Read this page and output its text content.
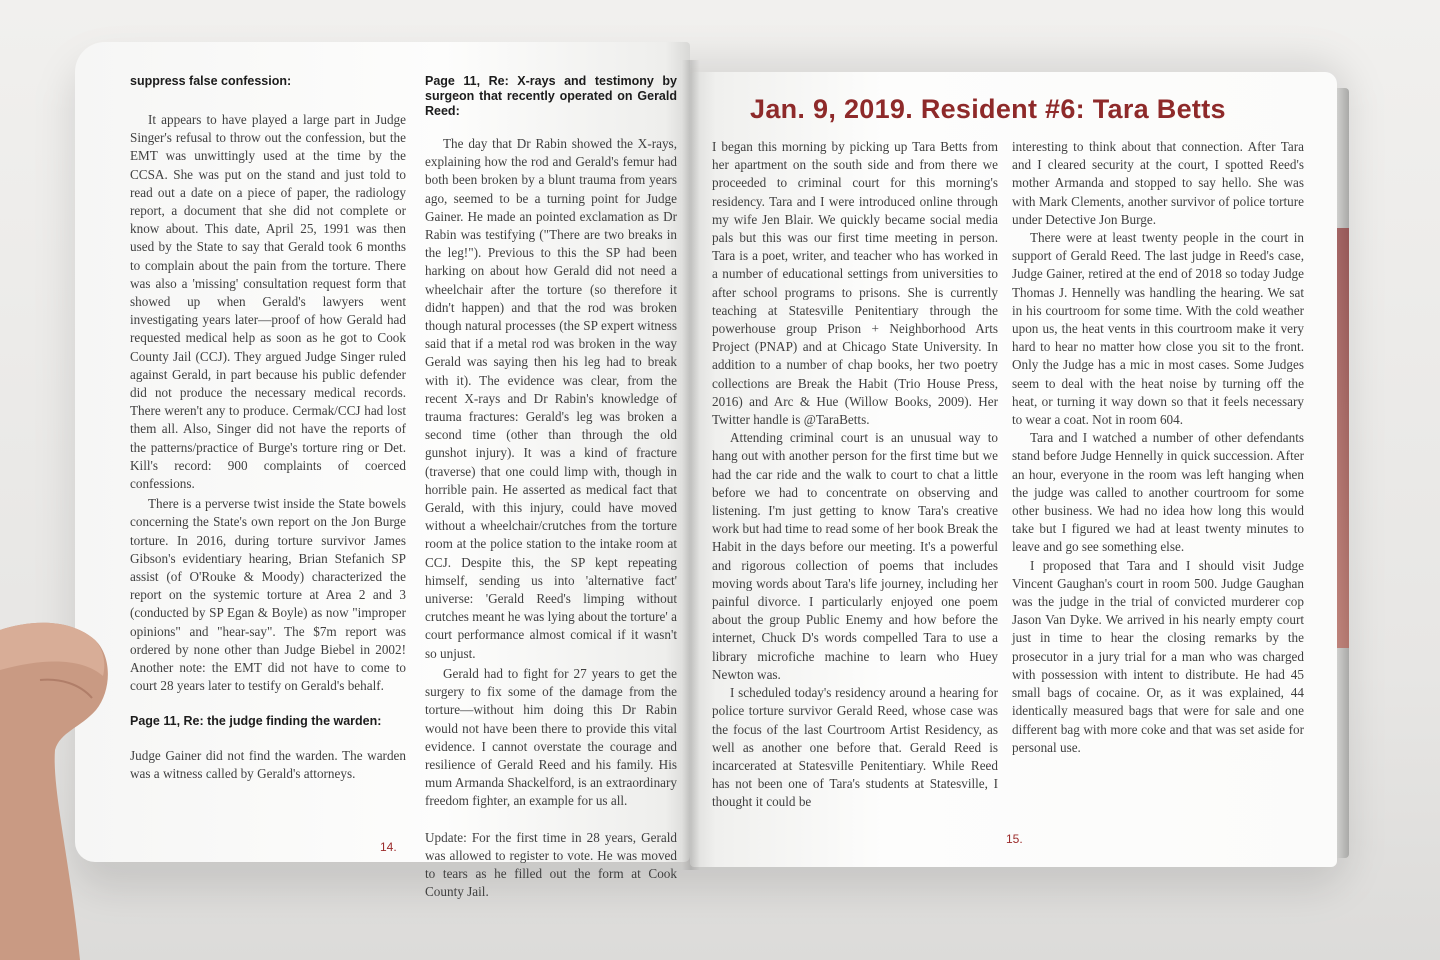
suppress false confession:

It appears to have played a large part in Judge Singer's refusal to throw out the confession, but the EMT was unwittingly used at the time by the CCSA. She was put on the stand and just told to read out a date on a piece of paper, the radiology report, a document that she did not complete or know about. This date, April 25, 1991 was then used by the State to say that Gerald took 6 months to complain about the pain from the torture. There was also a 'missing' consultation request form that showed up when Gerald's lawyers went investigating years later—proof of how Gerald had requested medical help as soon as he got to Cook County Jail (CCJ). They argued Judge Singer ruled against Gerald, in part because his public defender did not produce the necessary medical records. There weren't any to produce. Cermak/CCJ had lost them all. Also, Singer did not have the reports of the patterns/practice of Burge's torture ring or Det. Kill's record: 900 complaints of coerced confessions.

There is a perverse twist inside the State bowels concerning the State's own report on the Jon Burge torture. In 2016, during torture survivor James Gibson's evidentiary hearing, Brian Stefanich SP assist (of O'Rouke & Moody) characterized the report on the systemic torture at Area 2 and 3 (conducted by SP Egan & Boyle) as now "improper opinions" and "hear-say". The $7m report was ordered by none other than Judge Biebel in 2002! Another note: the EMT did not have to come to court 28 years later to testify on Gerald's behalf.

Page 11, Re: the judge finding the warden:

Judge Gainer did not find the warden. The warden was a witness called by Gerald's attorneys.

Page 11, Re: X-rays and testimony by surgeon that recently operated on Gerald Reed:

The day that Dr Rabin showed the X-rays, explaining how the rod and Gerald's femur had both been broken by a blunt trauma from years ago, seemed to be a turning point for Judge Gainer. He made an pointed exclamation as Dr Rabin was testifying ("There are two breaks in the leg!"). Previous to this the SP had been harking on about how Gerald did not need a wheelchair after the torture (so therefore it didn't happen) and that the rod was broken though natural processes (the SP expert witness said that if a metal rod was broken in the way Gerald was saying then his leg had to break with it). The evidence was clear, from the recent X-rays and Dr Rabin's knowledge of trauma fractures: Gerald's leg was broken a second time (other than through the old gunshot injury). It was a kind of fracture (traverse) that one could limp with, though in horrible pain. He asserted as medical fact that Gerald, with this injury, could have moved without a wheelchair/crutches from the torture room at the police station to the intake room at CCJ. Despite this, the SP kept repeating himself, sending us into 'alternative fact' universe: 'Gerald Reed's limping without crutches meant he was lying about the torture' a court performance almost comical if it wasn't so unjust.

Gerald had to fight for 27 years to get the surgery to fix some of the damage from the torture—without him doing this Dr Rabin would not have been there to provide this vital evidence. I cannot overstate the courage and resilience of Gerald Reed and his family. His mum Armanda Shackelford, is an extraordinary freedom fighter, an example for us all.

Update: For the first time in 28 years, Gerald was allowed to register to vote. He was moved to tears as he filled out the form at Cook County Jail.

14.
Jan. 9, 2019. Resident #6: Tara Betts

I began this morning by picking up Tara Betts from her apartment on the south side and from there we proceeded to criminal court for this morning's residency. Tara and I were introduced online through my wife Jen Blair. We quickly became social media pals but this was our first time meeting in person. Tara is a poet, writer, and teacher who has worked in a number of educational settings from universities to after school programs to prisons. She is currently teaching at Statesville Penitentiary through the powerhouse group Prison + Neighborhood Arts Project (PNAP) and at Chicago State University. In addition to a number of chap books, her two poetry collections are Break the Habit (Trio House Press, 2016) and Arc & Hue (Willow Books, 2009). Her Twitter handle is @TaraBetts.

Attending criminal court is an unusual way to hang out with another person for the first time but we had the car ride and the walk to court to chat a little before we had to concentrate on observing and listening. I'm just getting to know Tara's creative work but had time to read some of her book Break the Habit in the days before our meeting. It's a powerful and rigorous collection of poems that includes moving words about Tara's life journey, including her painful divorce. I particularly enjoyed one poem about the group Public Enemy and how before the internet, Chuck D's words compelled Tara to use a library microfiche machine to learn who Huey Newton was.

I scheduled today's residency around a hearing for police torture survivor Gerald Reed, whose case was the focus of the last Courtroom Artist Residency, as well as another one before that. Gerald Reed is incarcerated at Statesville Penitentiary. While Reed has not been one of Tara's students at Statesville, I thought it could be

interesting to think about that connection. After Tara and I cleared security at the court, I spotted Reed's mother Armanda and stopped to say hello. She was with Mark Clements, another survivor of police torture under Detective Jon Burge.

There were at least twenty people in the court in support of Gerald Reed. The last judge in Reed's case, Judge Gainer, retired at the end of 2018 so today Judge Thomas J. Hennelly was handling the hearing. We sat in his courtroom for some time. With the cold weather upon us, the heat vents in this courtroom make it very hard to hear no matter how close you sit to the front. Only the Judge has a mic in most cases. Some Judges seem to deal with the heat noise by turning off the heat, or turning it way down so that it feels necessary to wear a coat. Not in room 604.

Tara and I watched a number of other defendants stand before Judge Hennelly in quick succession. After an hour, everyone in the room was left hanging when the judge was called to another courtroom for some other business. We had no idea how long this would take but I figured we had at least twenty minutes to leave and go see something else.

I proposed that Tara and I should visit Judge Vincent Gaughan's court in room 500. Judge Gaughan was the judge in the trial of convicted murderer cop Jason Van Dyke. We arrived in his nearly empty court just in time to hear the closing remarks by the prosecutor in a jury trial for a man who was charged with possession with intent to distribute. He had 45 small bags of cocaine. Or, as it was explained, 44 identically measured bags that were for sale and one different bag with more coke and that was set aside for personal use.

15.
